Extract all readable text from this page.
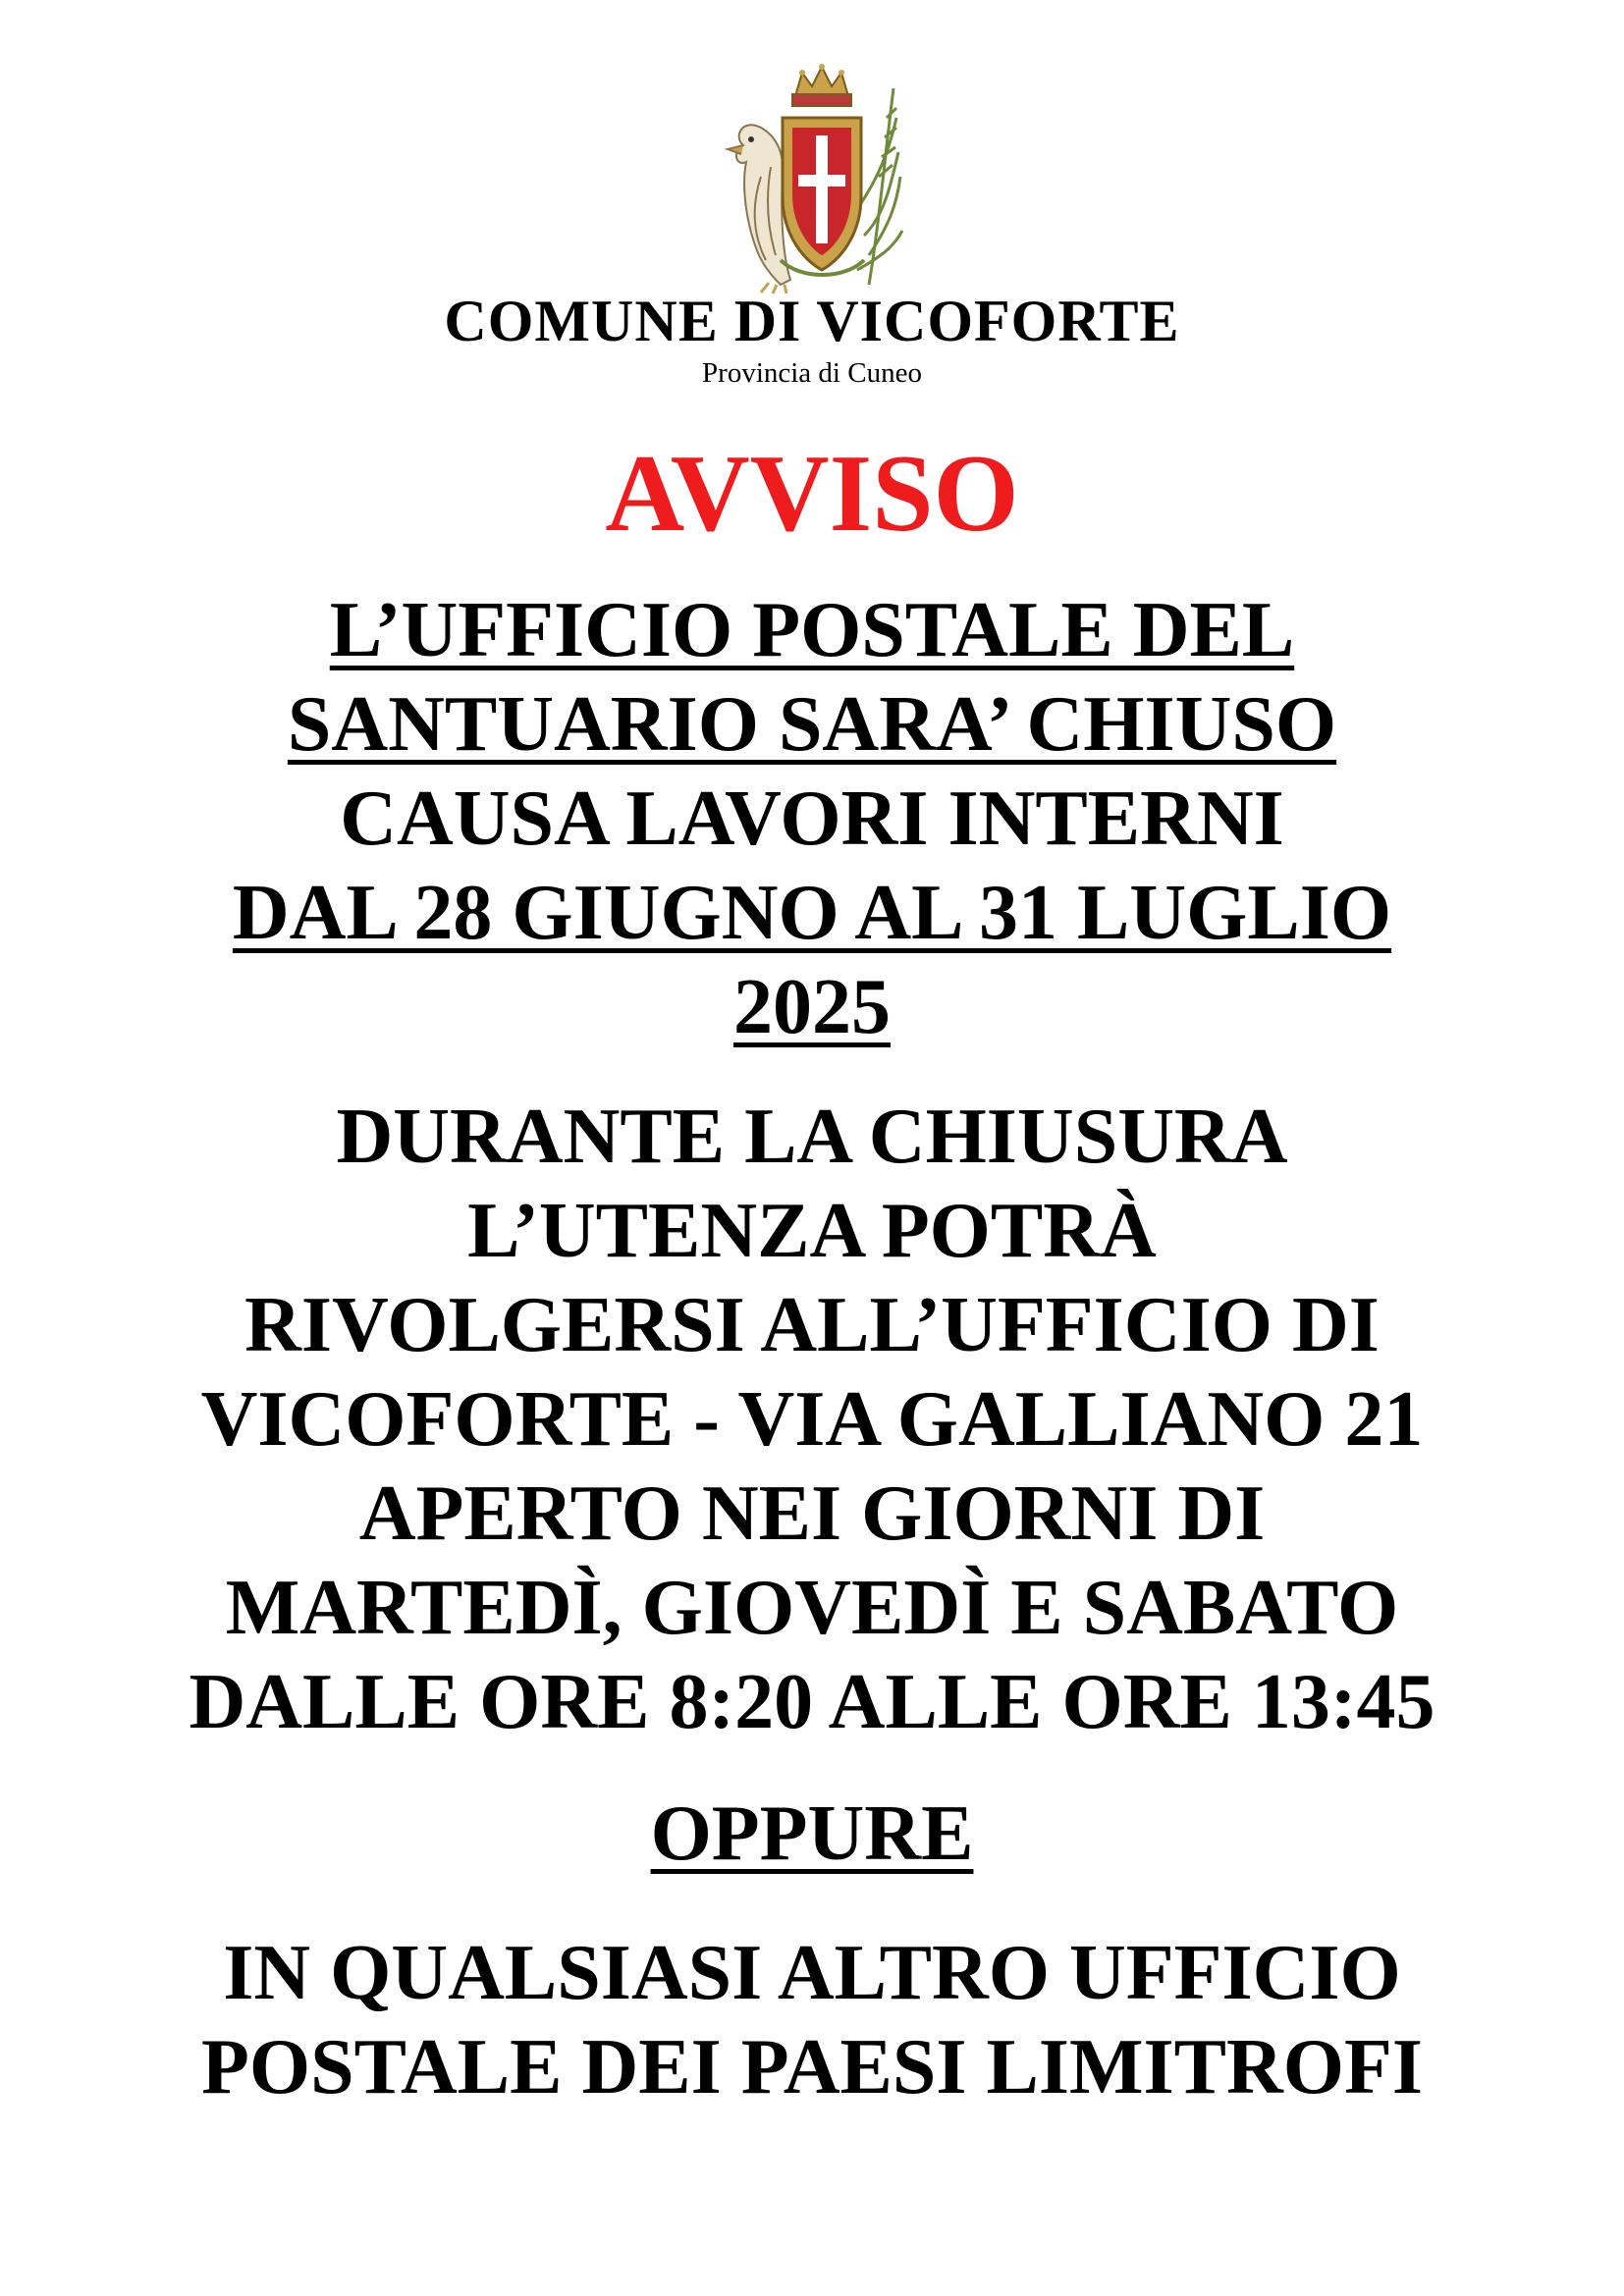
COMUNE DI VICOFORTE

Provincia di Cuneo

AVVISO
L’UFFICIO POSTALE DEL
SANTUARIO SARA’ CHIUSO
CAUSA LAVORI INTERNI
DAL 28 GIUGNO AL 31 LUGLIO
2025
DURANTE LA CHIUSURA
L’UTENZA POTRÀ
RIVOLGERSI ALL’UFFICIO DI
VICOFORTE - VIA GALLIANO 21
APERTO NEI GIORNI DI
MARTEDÌ, GIOVEDÌ E SABATO
DALLE ORE 8:20 ALLE ORE 13:45
OPPURE
IN QUALSIASI ALTRO UFFICIO
POSTALE DEI PAESI LIMITROFI
